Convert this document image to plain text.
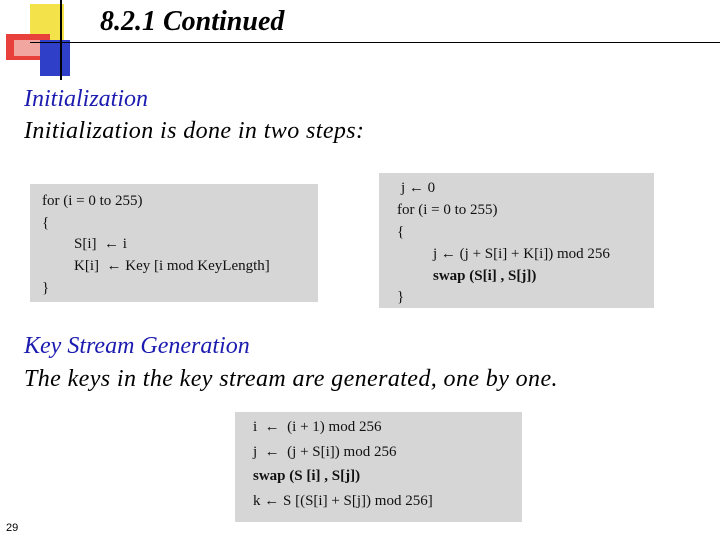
8.2.1 Continued
Initialization
Initialization is done in two steps:
for (i = 0 to 255)
{
S[i]  ← i
K[i]  ← Key [i mod KeyLength]
}
j ← 0
for (i = 0 to 255)
{
j ← (j + S[i] + K[i]) mod 256
swap (S[i] , S[j])
}
Key Stream Generation
The keys in the key stream are generated, one by one.
i  ←  (i + 1) mod 256
j  ←  (j + S[i]) mod 256
swap (S [i] , S[j])
k ← S [(S[i] + S[j]) mod 256]
29
